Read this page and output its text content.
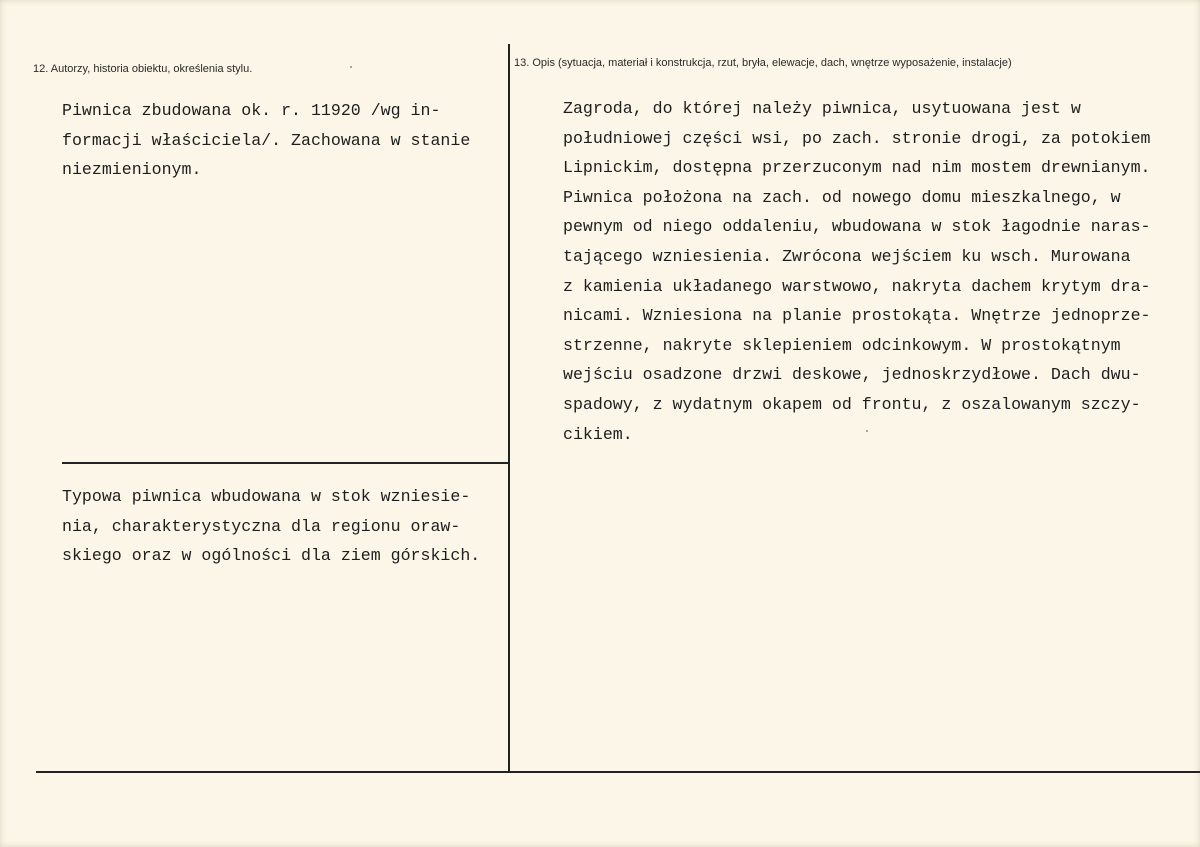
12. Autorzy, historia obiektu, określenia stylu.	13. Opis (sytuacja, materiał i konstrukcja, rzut, bryła, elewacje, dach, wnętrze wyposażenie, instalacje)
Piwnica zbudowana ok. r. 11920 /wg in-
formacji właściciela/. Zachowana w stanie
niezmienionym.
Typowa piwnica wbudowana w stok wzniesie-
nia, charakterystyczna dla regionu oraw-
skiego oraz w ogólności dla ziem górskich.
Zagroda, do której należy piwnica, usytuowana jest w
południowej części wsi, po zach. stronie drogi, za potokiem
Lipnickim, dostępna przerzuconym nad nim mostem drewnianym.
Piwnica położona na zach. od nowego domu mieszkalnego, w
pewnym od niego oddaleniu, wbudowana w stok łagodnie naras-
tającego wzniesienia. Zwrócona wejściem ku wsch. Murowana
z kamienia układanego warstwowo, nakryta dachem krytym dra-
nicami. Wzniesiona na planie prostokąta. Wnętrze jednoprze-
strzenne, nakryte sklepieniem odcinkowym. W prostokątnym
wejściu osadzone drzwi deskowe, jednoskrzydłowe. Dach dwu-
spadowy, z wydatnym okapem od frontu, z oszalowanym szczy-
cikiem.
